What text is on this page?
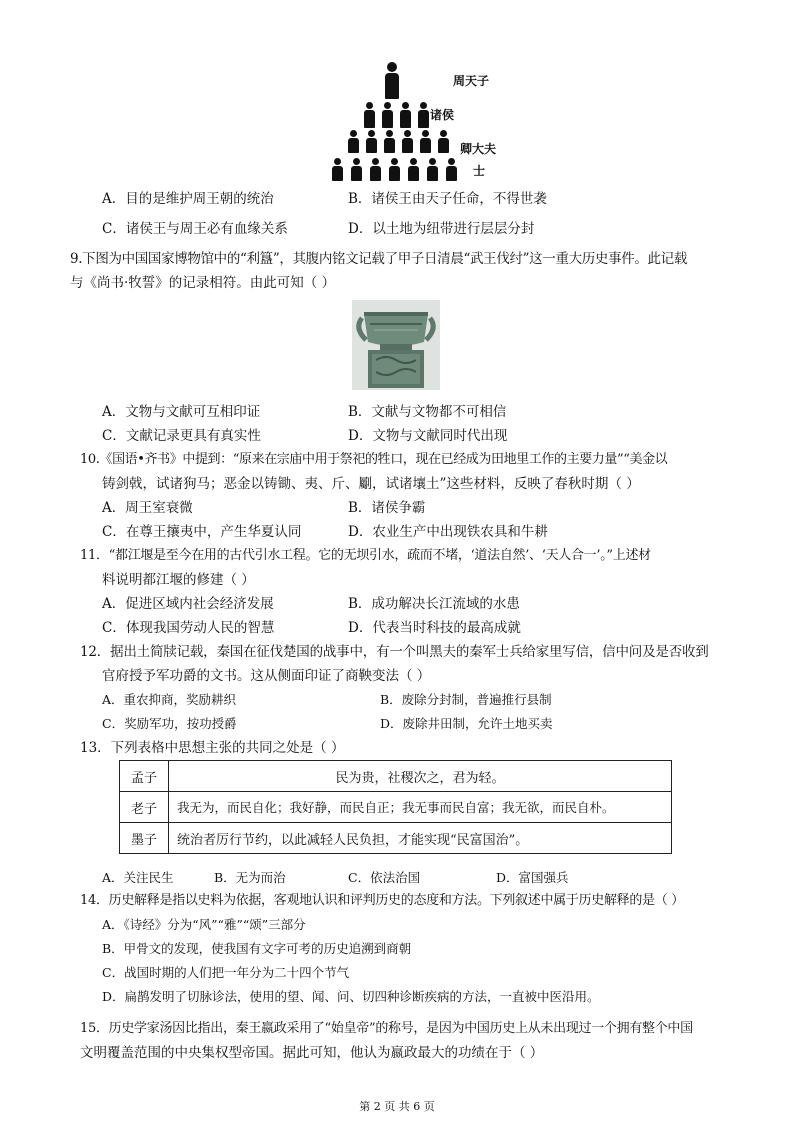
周天子
诸侯
卿大夫
士
A．目的是维护周王朝的统治	B．诸侯王由天子任命，不得世袭
C．诸侯王与周王必有血缘关系	D．以土地为纽带进行层层分封
9.下图为中国国家博物馆中的“利簋”，其腹内铭文记载了甲子日清晨“武王伐纣”这一重大历史事件。此记载
与《尚书·牧誓》的记录相符。由此可知（ ）
A．文物与文献可互相印证	B．文献与文物都不可相信
C．文献记录更具有真实性	D．文物与文献同时代出现
10.《国语•齐书》中提到：“原来在宗庙中用于祭祀的牲口，现在已经成为田地里工作的主要力量”“美金以
铸剑戟，试诸狗马；恶金以铸锄、夷、斤、劚，试诸壤土”这些材料，反映了春秋时期（ ）
A．周王室衰微	B．诸侯争霸
C．在尊王攘夷中，产生华夏认同	D．农业生产中出现铁农具和牛耕
11．“都江堰是至今在用的古代引水工程。它的无坝引水，疏而不堵，‘道法自然’、‘天人合一’。”上述材
料说明都江堰的修建（ ）
A．促进区域内社会经济发展	B．成功解决长江流域的水患
C．体现我国劳动人民的智慧	D．代表当时科技的最高成就
12．据出土简牍记载，秦国在征伐楚国的战事中，有一个叫黑夫的秦军士兵给家里写信，信中问及是否收到
官府授予军功爵的文书。这从侧面印证了商鞅变法（ ）
A．重农抑商，奖励耕织	B．废除分封制，普遍推行县制
C．奖励军功，按功授爵	D．废除井田制，允许土地买卖
13．下列表格中思想主张的共同之处是（ ）
孟子	民为贵，社稷次之，君为轻。
老子	我无为，而民自化；我好静，而民自正；我无事而民自富；我无欲，而民自朴。
墨子	统治者厉行节约，以此减轻人民负担，才能实现“民富国治”。
A．关注民生	B．无为而治	C．依法治国	D．富国强兵
14．历史解释是指以史料为依据，客观地认识和评判历史的态度和方法。下列叙述中属于历史解释的是（ ）
A．《诗经》分为“风”“雅”“颂”三部分
B．甲骨文的发现，使我国有文字可考的历史追溯到商朝
C．战国时期的人们把一年分为二十四个节气
D．扁鹊发明了切脉诊法，使用的望、闻、问、切四种诊断疾病的方法，一直被中医沿用。
15．历史学家汤因比指出，秦王嬴政采用了“始皇帝”的称号，是因为中国历史上从未出现过一个拥有整个中国
文明覆盖范围的中央集权型帝国。据此可知，他认为嬴政最大的功绩在于（ ）
第 2 页 共 6 页
